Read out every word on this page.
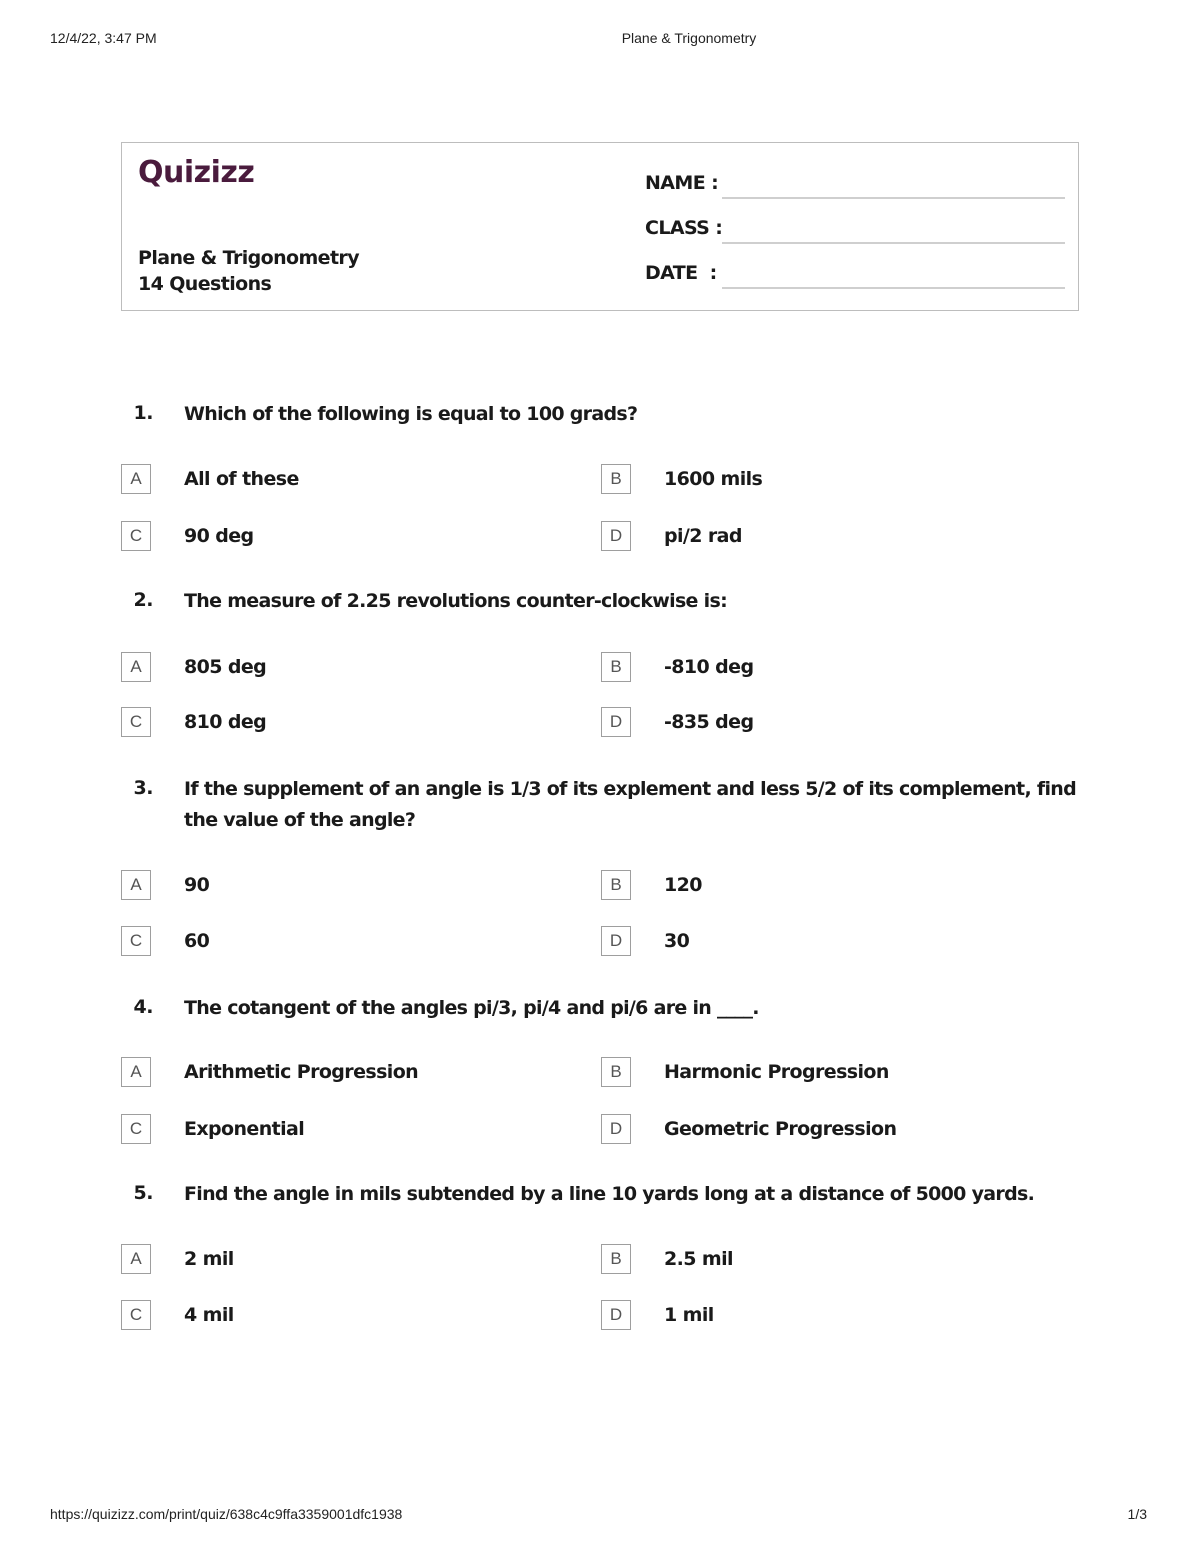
12/4/22, 3:47 PM	Plane & Trigonometry
Quizizz
Plane & Trigonometry
14 Questions
NAME :
CLASS :
DATE  :
1. Which of the following is equal to 100 grads?
A	All of these	B	1600 mils
C	90 deg	D	pi/2 rad
2. The measure of 2.25 revolutions counter-clockwise is:
A	805 deg	B	-810 deg
C	810 deg	D	-835 deg
3. If the supplement of an angle is 1/3 of its explement and less 5/2 of its complement, find the value of the angle?
A	90	B	120
C	60	D	30
4. The cotangent of the angles pi/3, pi/4 and pi/6 are in ____.
A	Arithmetic Progression	B	Harmonic Progression
C	Exponential	D	Geometric Progression
5. Find the angle in mils subtended by a line 10 yards long at a distance of 5000 yards.
A	2 mil	B	2.5 mil
C	4 mil	D	1 mil
https://quizizz.com/print/quiz/638c4c9ffa3359001dfc1938	1/3
